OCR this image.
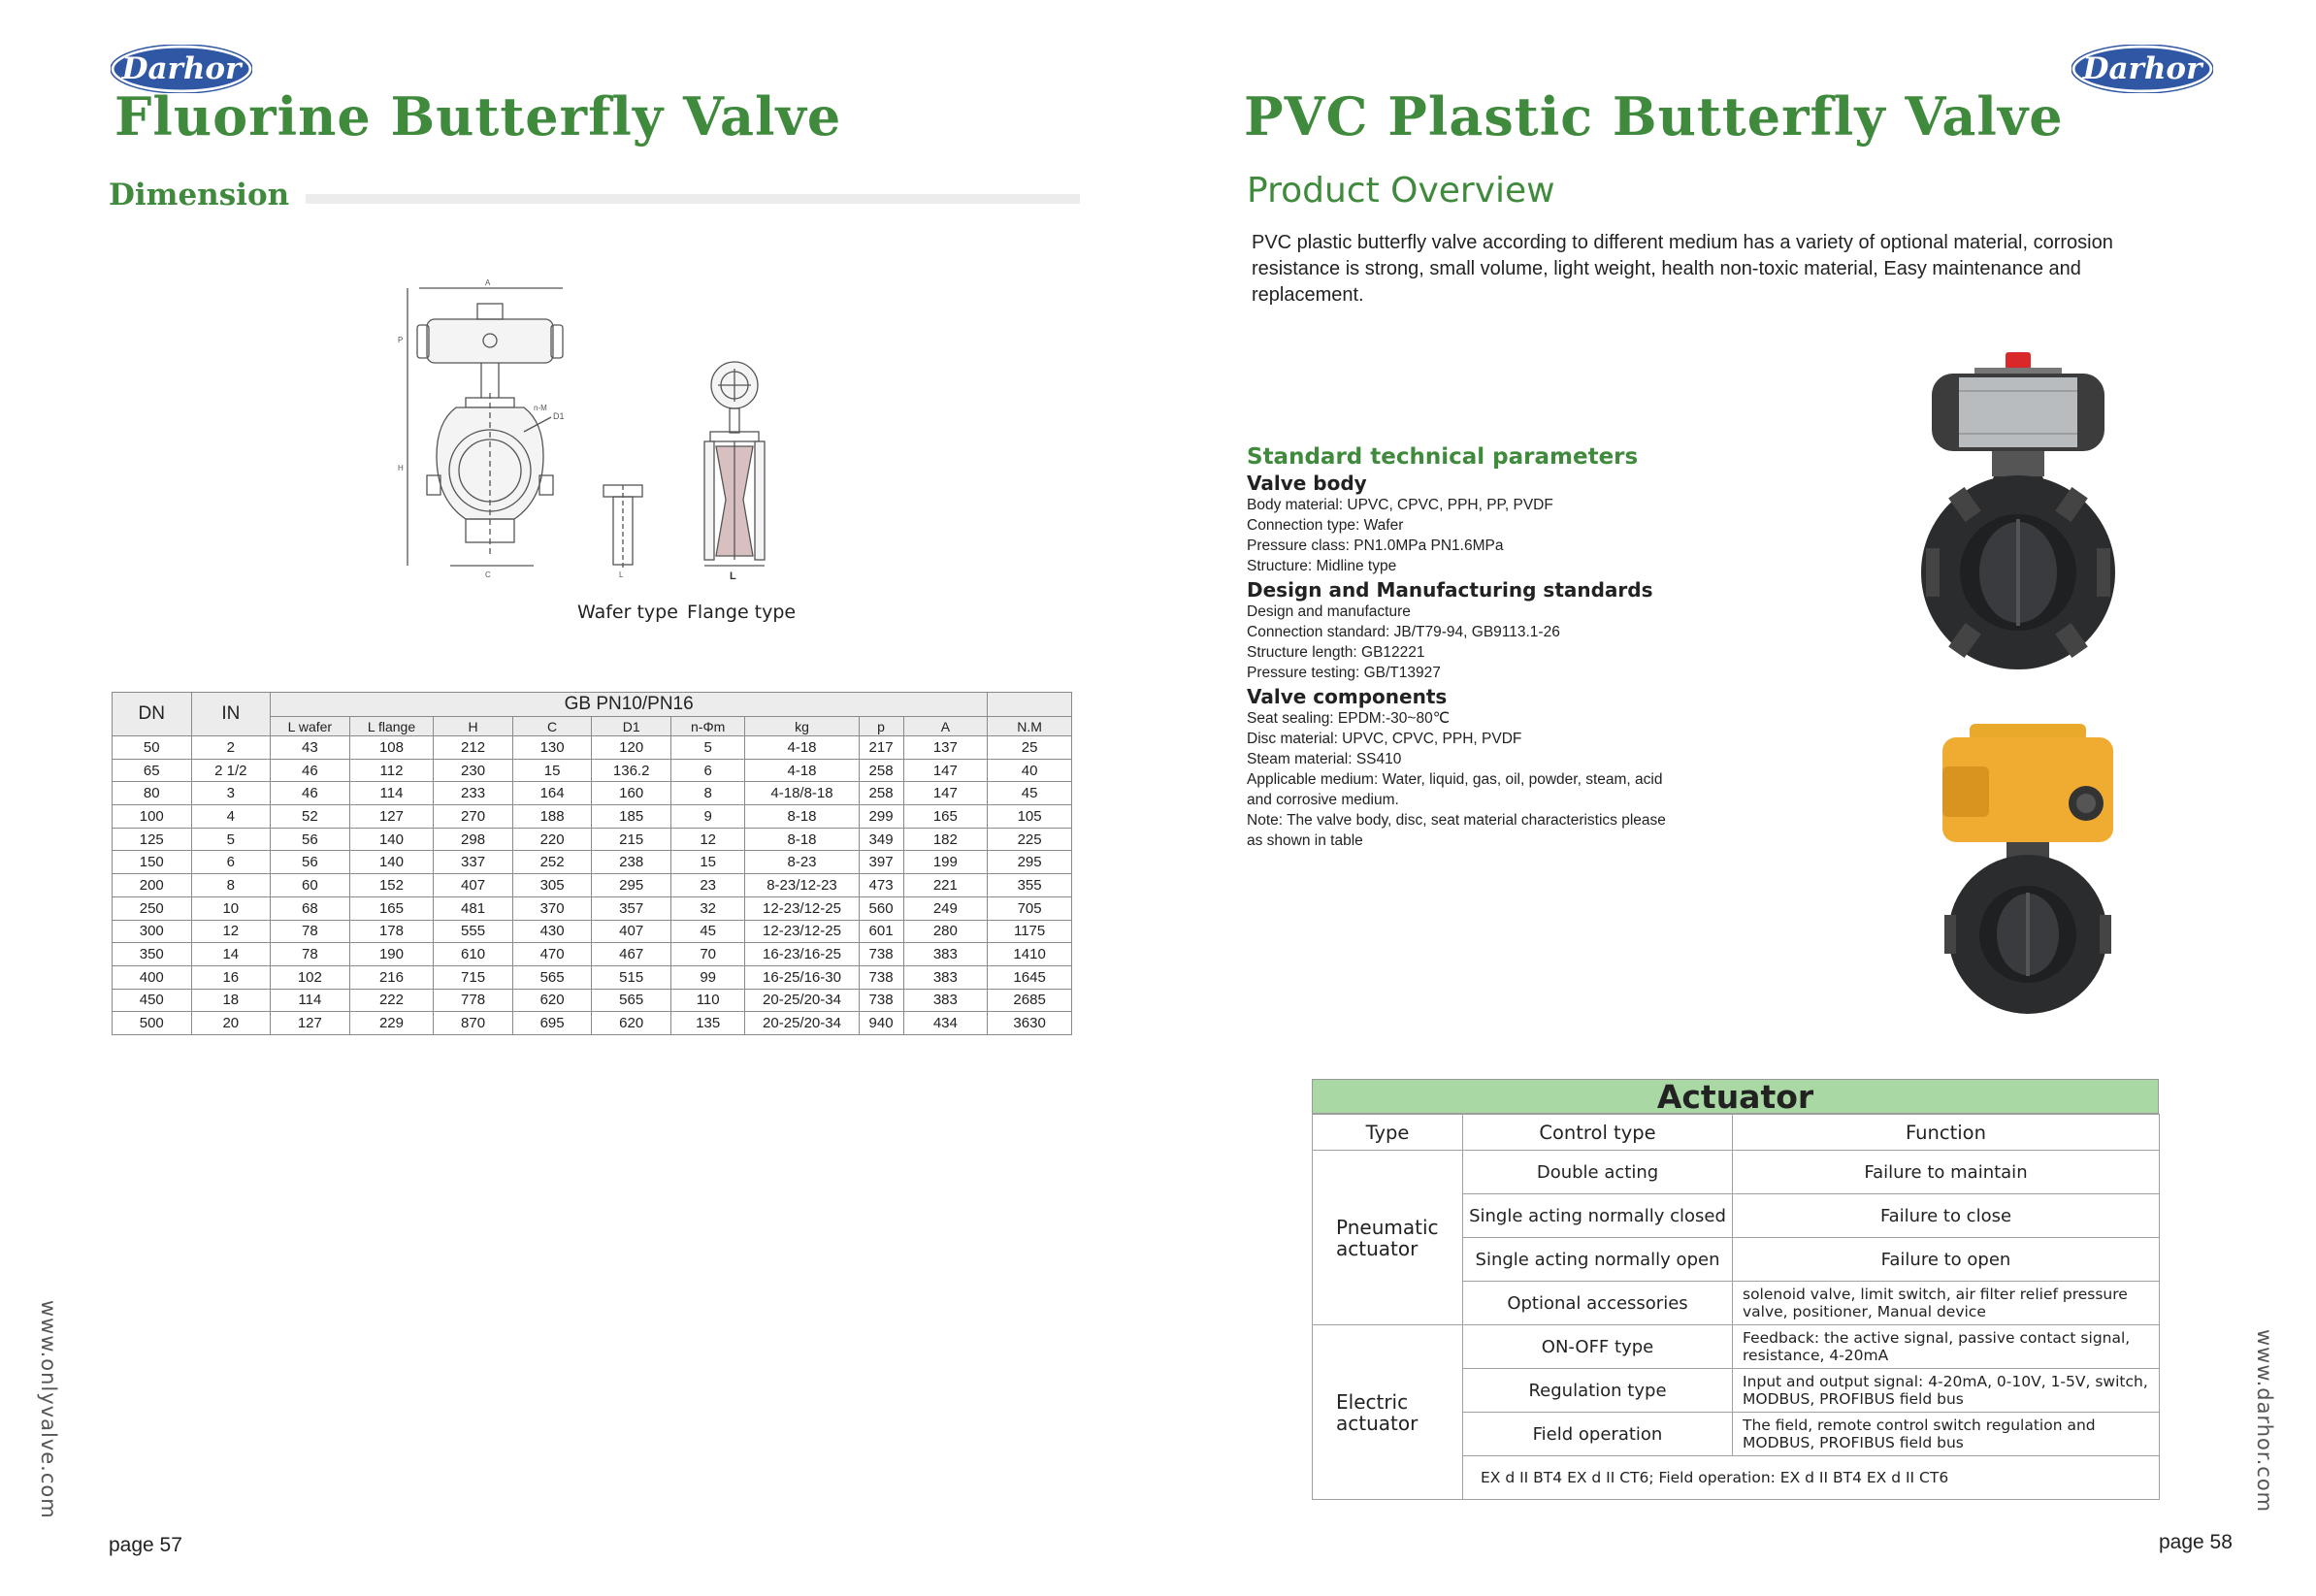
Darhor
Fluorine Butterfly Valve
Dimension
D1
n-M
A
P
H
C	L	L
Wafer type Flange type
DN	IN	GB PN10/PN16									
		L wafer	L flange	H	C	D1	n-Φm	kg	p	A	N.M
50	2	43	108	212	130	120	5	4-18	217	137	25
65	2 1/2	46	112	230	15	136.2	6	4-18	258	147	40
80	3	46	114	233	164	160	8	4-18/8-18	258	147	45
100	4	52	127	270	188	185	9	8-18	299	165	105
125	5	56	140	298	220	215	12	8-18	349	182	225
150	6	56	140	337	252	238	15	8-23	397	199	295
200	8	60	152	407	305	295	23	8-23/12-23	473	221	355
250	10	68	165	481	370	357	32	12-23/12-25	560	249	705
300	12	78	178	555	430	407	45	12-23/12-25	601	280	1175
350	14	78	190	610	470	467	70	16-23/16-25	738	383	1410
400	16	102	216	715	565	515	99	16-25/16-30	738	383	1645
450	18	114	222	778	620	565	110	20-25/20-34	738	383	2685
500	20	127	229	870	695	620	135	20-25/20-34	940	434	3630
www.onlyvalve.com
page 57
Darhor
PVC Plastic Butterfly Valve
Product Overview
PVC plastic butterfly valve according to different medium has a variety of optional material, corrosion resistance is strong, small volume, light weight, health non-toxic material, Easy maintenance and replacement.
Standard technical parameters
Valve body
Body material: UPVC, CPVC, PPH, PP, PVDF
Connection type: Wafer
Pressure class: PN1.0MPa PN1.6MPa
Structure: Midline type
Design and Manufacturing standards
Design and manufacture
Connection standard: JB/T79-94, GB9113.1-26
Structure length: GB12221
Pressure testing: GB/T13927
Valve components
Seat sealing: EPDM:-30~80℃
Disc material: UPVC, CPVC, PPH, PVDF
Steam material: SS410
Applicable medium: Water, liquid, gas, oil, powder, steam, acid
and corrosive medium.
Note: The valve body, disc, seat material characteristics please
as shown in table
Actuator
Type	Control type	Function
Pneumatic actuator	Double acting	Failure to maintain
	Single acting normally closed	Failure to close
	Single acting normally open	Failure to open
	Optional accessories	solenoid valve, limit switch, air filter relief pressure valve, positioner, Manual device
Electric actuator	ON-OFF type	Feedback: the active signal, passive contact signal, resistance, 4-20mA
	Regulation type	Input and output signal: 4-20mA, 0-10V, 1-5V, switch, MODBUS, PROFIBUS field bus
	Field operation	The field, remote control switch regulation and MODBUS, PROFIBUS field bus
	EX d II BT4 EX d II CT6; Field operation: EX d II BT4 EX d II CT6		www.darhor.com
page 58
